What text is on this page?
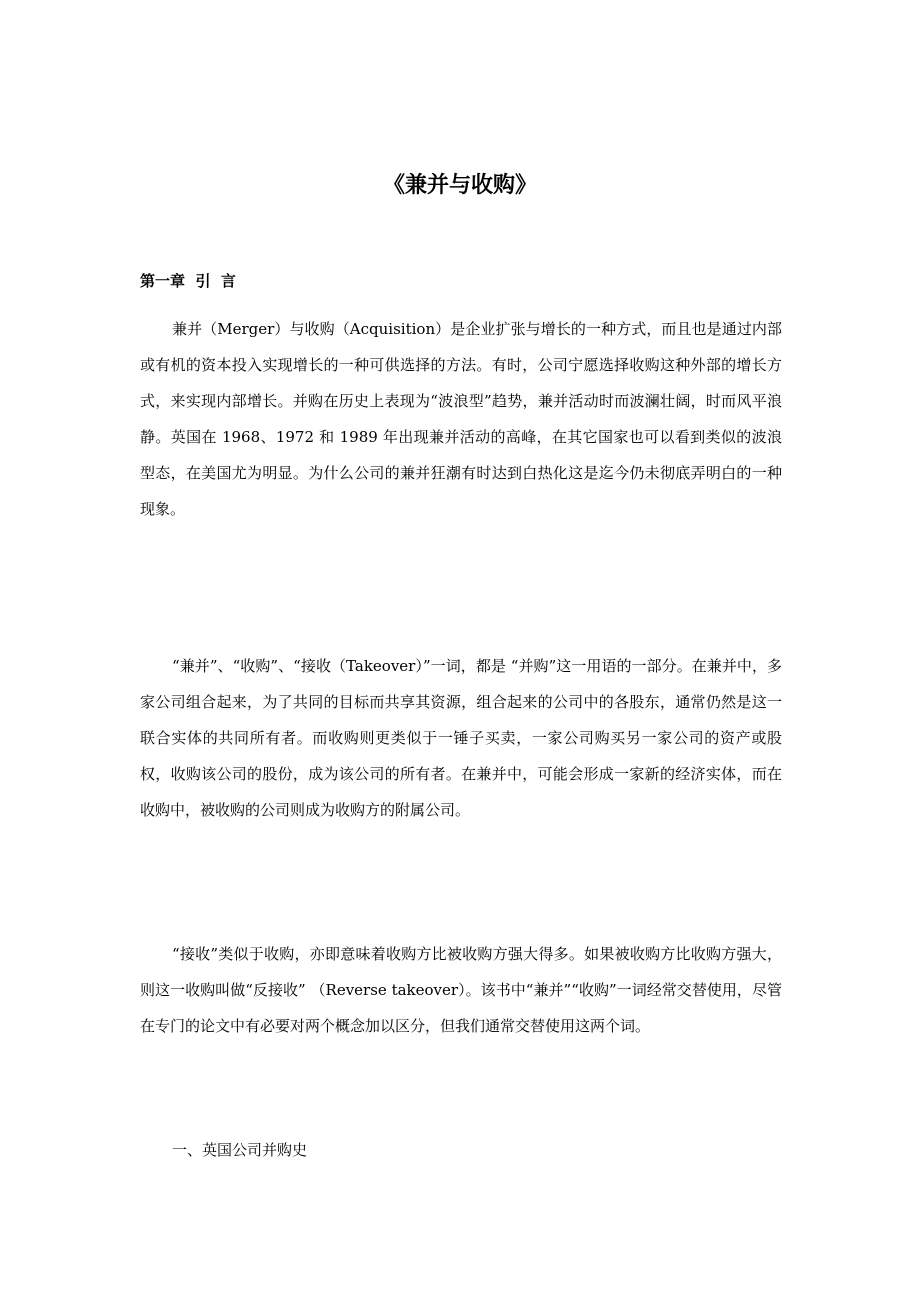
《兼并与收购》
第一章  引  言

兼并（Merger）与收购（Acquisition）是企业扩张与增长的一种方式，而且也是通过内部或有机的资本投入实现增长的一种可供选择的方法。有时，公司宁愿选择收购这种外部的增长方式，来实现内部增长。并购在历史上表现为“波浪型”趋势，兼并活动时而波澜壮阔，时而风平浪静。英国在 1968、1972 和 1989 年出现兼并活动的高峰，在其它国家也可以看到类似的波浪型态，在美国尤为明显。为什么公司的兼并狂潮有时达到白热化这是迄今仍未彻底弄明白的一种现象。

“兼并”、“收购”、“接收（Takeover）”一词，都是 “并购”这一用语的一部分。在兼并中，多家公司组合起来，为了共同的目标而共享其资源，组合起来的公司中的各股东，通常仍然是这一联合实体的共同所有者。而收购则更类似于一锤子买卖，一家公司购买另一家公司的资产或股权，收购该公司的股份，成为该公司的所有者。在兼并中，可能会形成一家新的经济实体，而在收购中，被收购的公司则成为收购方的附属公司。

“接收”类似于收购，亦即意味着收购方比被收购方强大得多。如果被收购方比收购方强大，则这一收购叫做“反接收” （Reverse takeover）。该书中“兼并”“收购”一词经常交替使用，尽管在专门的论文中有必要对两个概念加以区分，但我们通常交替使用这两个词。

一、英国公司并购史
